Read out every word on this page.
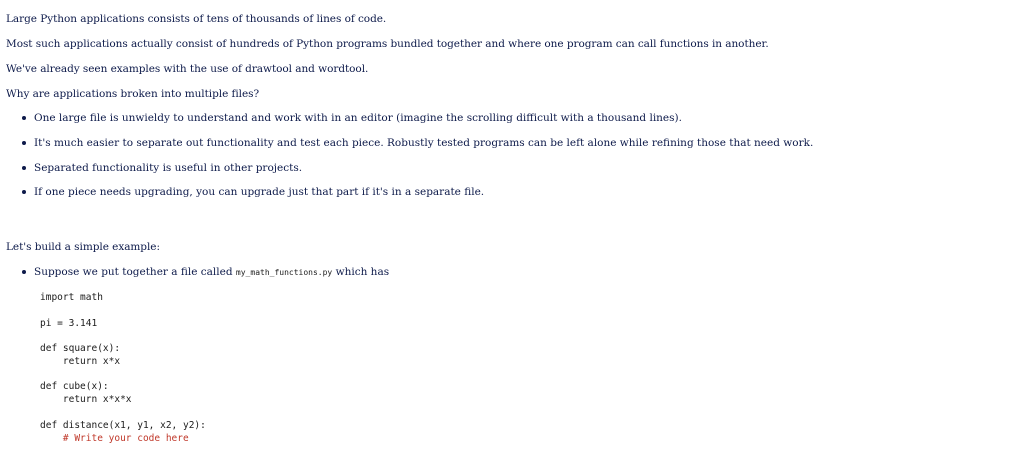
Large Python applications consists of tens of thousands of lines of code.
Most such applications actually consist of hundreds of Python programs bundled together and where one program can call functions in another.
We've already seen examples with the use of drawtool and wordtool.
Why are applications broken into multiple files?
One large file is unwieldy to understand and work with in an editor (imagine the scrolling difficult with a thousand lines).
It's much easier to separate out functionality and test each piece. Robustly tested programs can be left alone while refining those that need work.
Separated functionality is useful in other projects.
If one piece needs upgrading, you can upgrade just that part if it's in a separate file.
Let's build a simple example:
Suppose we put together a file called my_math_functions.py which has
import math
pi = 3.141
def square(x):
return x*x
def cube(x):
return x*x*x
def distance(x1, y1, x2, y2):
# Write your code here
